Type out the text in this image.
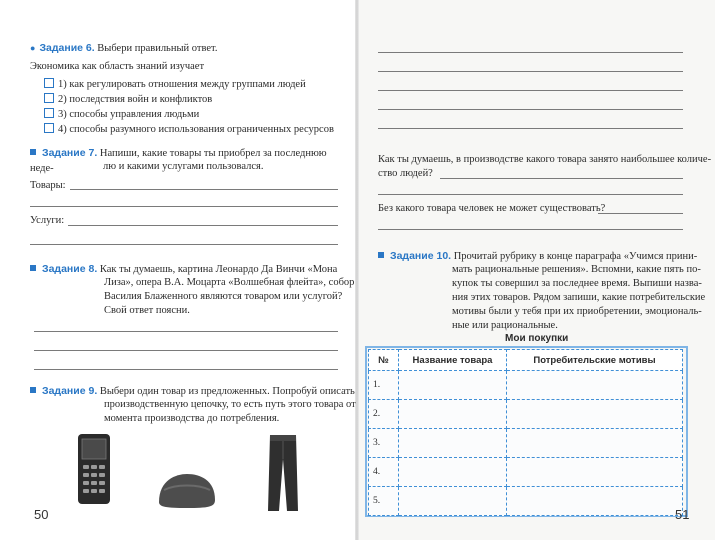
● Задание 6. Выбери правильный ответ.
Экономика как область знаний изучает
1) как регулировать отношения между группами людей
2) последствия войн и конфликтов
3) способы управления людьми
4) способы разумного использования ограниченных ресурсов
Задание 7. Напиши, какие товары ты приобрел за последнюю неде-	лю и какими услугами пользовался.
Товары:
Услуги:
Задание 8. Как ты думаешь, картина Леонардо Да Винчи «Мона
Лиза», опера В.А. Моцарта «Волшебная флейта», собор
Василия Блаженного являются товаром или услугой?
Свой ответ поясни.
Задание 9. Выбери один товар из предложенных. Попробуй описать
производственную цепочку, то есть путь этого товара от
момента производства до потребления.
50
Как ты думаешь, в производстве какого товара занято наибольшее количе-
ство людей?
Без какого товара человек не может существовать?
Задание 10. Прочитай рубрику в конце параграфа «Учимся прини-
мать рациональные решения». Вспомни, какие пять по-
купок ты совершил за последнее время. Выпиши назва-
ния этих товаров. Рядом запиши, какие потребительские
мотивы были у тебя при их приобретении, эмоциональ-
ные или рациональные.
Мои покупки
№	Название товара	Потребительские мотивы
1.		
2.		
3.		
4.		
5.		
51
